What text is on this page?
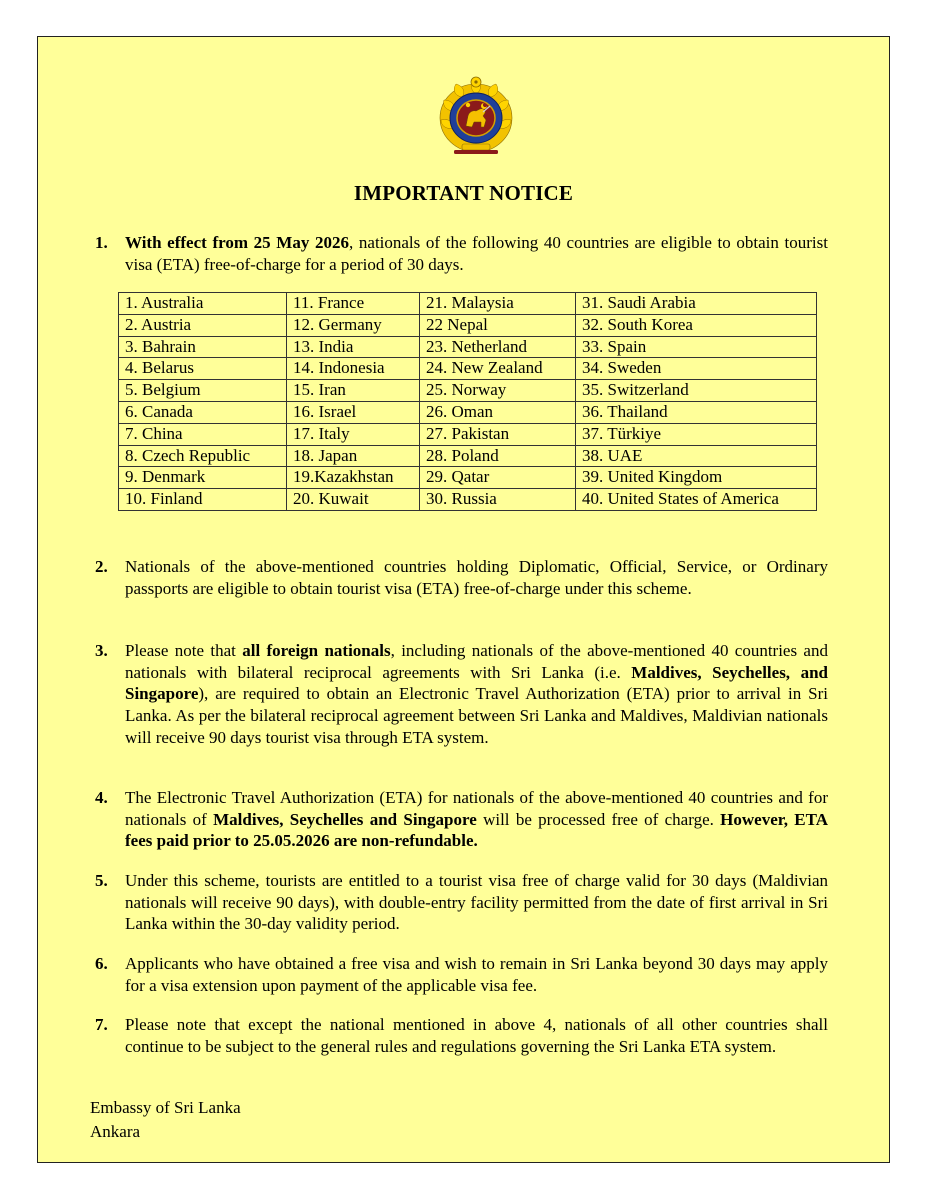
IMPORTANT NOTICE
1.	With effect from 25 May 2026, nationals of the following 40 countries are eligible to obtain tourist visa (ETA) free-of-charge for a period of 30 days.
1. Australia	11. France	21. Malaysia	31. Saudi Arabia
2. Austria	12. Germany	22 Nepal	32. South Korea
3. Bahrain	13. India	23. Netherland	33. Spain
4. Belarus	14. Indonesia	24. New Zealand	34. Sweden
5. Belgium	15. Iran	25. Norway	35. Switzerland
6. Canada	16. Israel	26. Oman	36. Thailand
7. China	17. Italy	27. Pakistan	37. Türkiye
8. Czech Republic	18. Japan	28. Poland	38. UAE
9. Denmark	19.Kazakhstan	29. Qatar	39. United Kingdom
10. Finland	20. Kuwait	30. Russia	40. United States of America
2.	Nationals of the above-mentioned countries holding Diplomatic, Official, Service, or Ordinary passports are eligible to obtain tourist visa (ETA) free-of-charge under this scheme.
3.	Please note that all foreign nationals, including nationals of the above-mentioned 40 countries and nationals with bilateral reciprocal agreements with Sri Lanka (i.e. Maldives, Seychelles, and Singapore), are required to obtain an Electronic Travel Authorization (ETA) prior to arrival in Sri Lanka. As per the bilateral reciprocal agreement between Sri Lanka and Maldives, Maldivian nationals will receive 90 days tourist visa through ETA system.
4.	The Electronic Travel Authorization (ETA) for nationals of the above-mentioned 40 countries and for nationals of Maldives, Seychelles and Singapore will be processed free of charge. However, ETA fees paid prior to 25.05.2026 are non-refundable.
5.	Under this scheme, tourists are entitled to a tourist visa free of charge valid for 30 days (Maldivian nationals will receive 90 days), with double-entry facility permitted from the date of first arrival in Sri Lanka within the 30-day validity period.
6.	Applicants who have obtained a free visa and wish to remain in Sri Lanka beyond 30 days may apply for a visa extension upon payment of the applicable visa fee.
7.	Please note that except the national mentioned in above 4, nationals of all other countries shall continue to be subject to the general rules and regulations governing the Sri Lanka ETA system.
Embassy of Sri Lanka
Ankara
